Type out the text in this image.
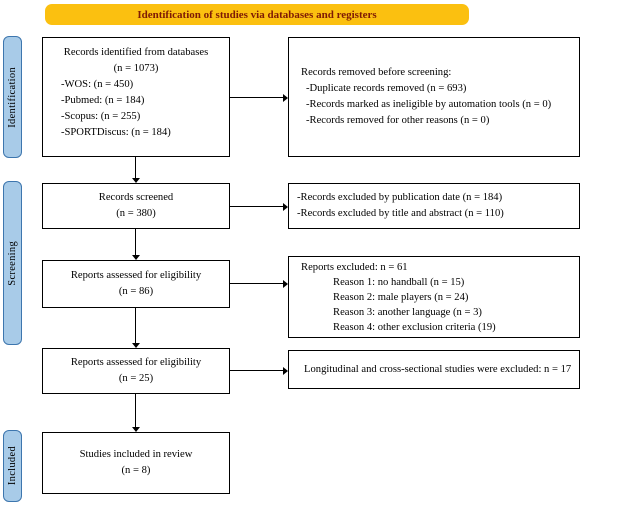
Identification of studies via databases and registers
Identification
Screening
Included
Records identified from databases
(n = 1073)
-WOS: (n = 450)
-Pubmed: (n = 184)
-Scopus: (n = 255)
-SPORTDiscus: (n = 184)
Records removed before screening:
-Duplicate records removed (n = 693)
-Records marked as ineligible by automation tools (n = 0)
-Records removed for other reasons (n = 0)
Records screened
(n = 380)
-Records excluded by publication date (n = 184)
-Records excluded by title and abstract (n = 110)
Reports assessed for eligibility
(n = 86)
Reports excluded: n = 61
Reason 1: no handball (n = 15)
Reason 2: male players (n = 24)
Reason 3: another language (n = 3)
Reason 4: other exclusion criteria (19)
Reports assessed for eligibility
(n = 25)
Longitudinal and cross-sectional studies were excluded: n = 17
Studies included in review
(n = 8)
